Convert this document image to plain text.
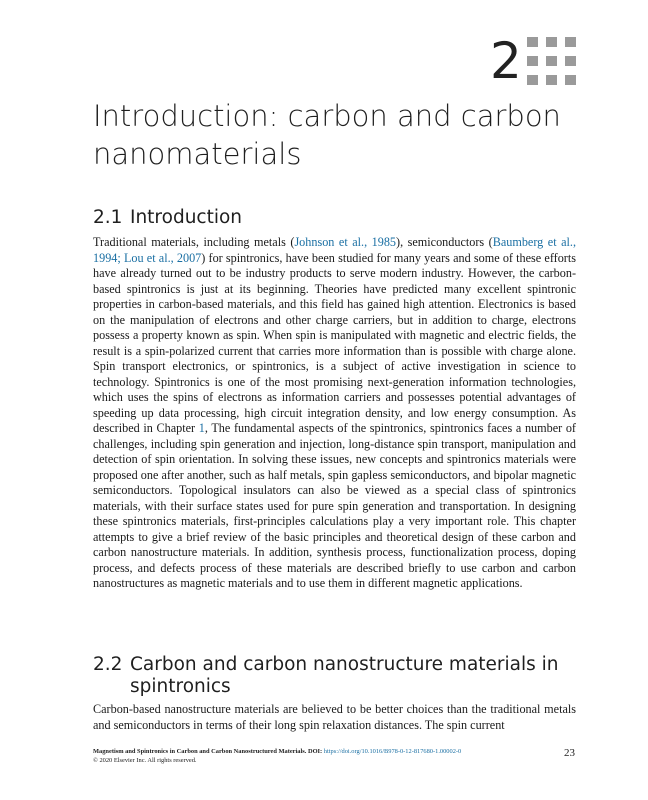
2
Introduction: carbon and carbon nanomaterials
2.1 Introduction

Traditional materials, including metals (Johnson et al., 1985), semiconductors (Baumberg et al., 1994; Lou et al., 2007) for spintronics, have been studied for many years and some of these efforts have already turned out to be industry products to serve modern industry. However, the carbon-based spintronics is just at its beginning. Theories have predicted many excellent spintronic properties in carbon-based materials, and this field has gained high attention. Electronics is based on the manipulation of electrons and other charge carriers, but in addition to charge, electrons possess a property known as spin. When spin is manipulated with magnetic and electric fields, the result is a spin-polarized current that carries more information than is possible with charge alone. Spin transport electronics, or spintronics, is a subject of active investigation in science to technology. Spintronics is one of the most promising next-generation information technologies, which uses the spins of electrons as information carriers and possesses potential advantages of speeding up data processing, high circuit integration density, and low energy consumption. As described in Chapter 1, The fundamental aspects of the spintronics, spintronics faces a number of challenges, including spin generation and injection, long-distance spin transport, manipulation and detection of spin orientation. In solving these issues, new concepts and spintronics materials were proposed one after another, such as half metals, spin gapless semiconductors, and bipolar magnetic semiconductors. Topological insulators can also be viewed as a special class of spintronics materials, with their surface states used for pure spin generation and transportation. In designing these spintronics materials, first-principles calculations play a very important role. This chapter attempts to give a brief review of the basic principles and theoretical design of these carbon and carbon nanostructure materials. In addition, synthesis process, functionalization process, doping process, and defects process of these materials are described briefly to use carbon and carbon nanostructures as magnetic materials and to use them in different magnetic applications.

2.2 Carbon and carbon nanostructure materials in
spintronics

Carbon-based nanostructure materials are believed to be better choices than the traditional metals and semiconductors in terms of their long spin relaxation distances. The spin current

Magnetism and Spintronics in Carbon and Carbon Nanostructured Materials. DOI: https://doi.org/10.1016/B978-0-12-817680-1.00002-0
© 2020 Elsevier Inc. All rights reserved.
23
